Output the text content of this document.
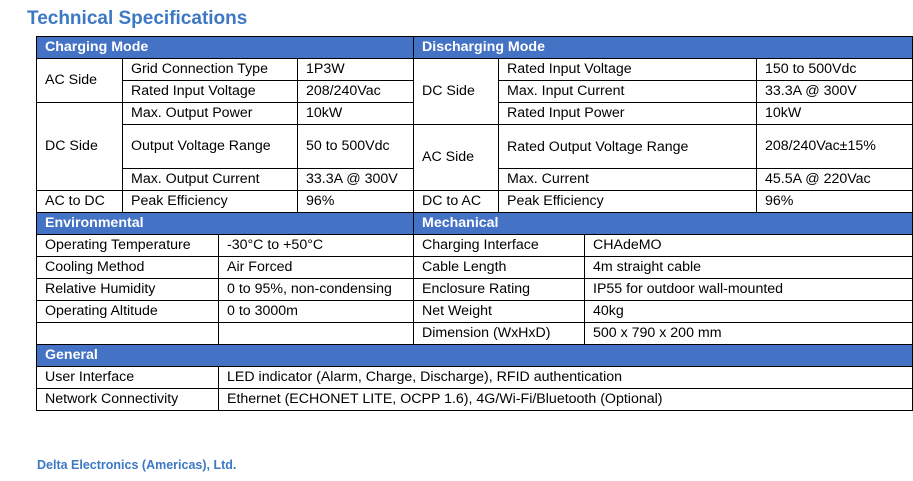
Technical Specifications
Charging Mode				Discharging Mode			
AC Side	Grid Connection Type		1P3W	DC Side	Rated Input Voltage		150 to 500Vdc
	Rated Input Voltage		208/240Vac		Max. Input Current		33.3A @ 300V
DC Side	Max. Output Power		10kW		Rated Input Power		10kW
	Output Voltage Range		50 to 500Vdc	AC Side	Rated Output Voltage Range		208/240Vac±15%
	Max. Output Current		33.3A @ 300V		Max. Current		45.5A @ 220Vac
AC to DC	Peak Efficiency		96%	DC to AC	Peak Efficiency		96%
Environmental				Mechanical			
Operating Temperature		-30°C to +50°C		Charging Interface		CHAdeMO	
Cooling Method		Air Forced		Cable Length		4m straight cable	
Relative Humidity		0 to 95%, non-condensing		Enclosure Rating		IP55 for outdoor wall-mounted	
Operating Altitude		0 to 3000m		Net Weight		40kg	
				Dimension (WxHxD)		500 x 790 x 200 mm	
General							
User Interface		LED indicator (Alarm, Charge, Discharge), RFID authentication					
Network Connectivity		Ethernet (ECHONET LITE, OCPP 1.6), 4G/Wi-Fi/Bluetooth (Optional)					
Delta Electronics (Americas), Ltd.
